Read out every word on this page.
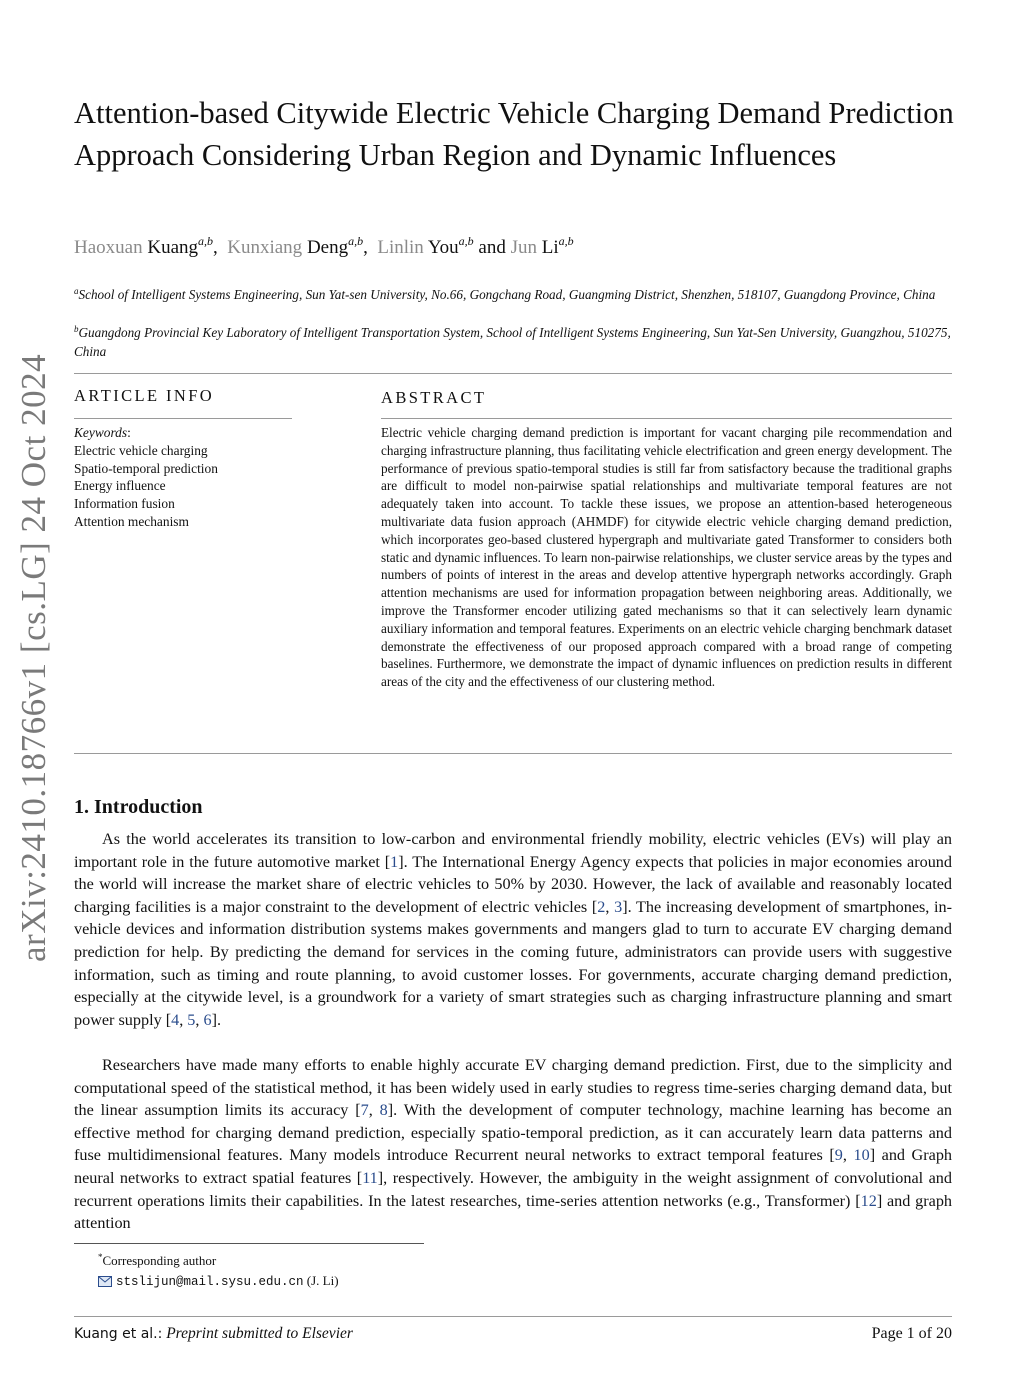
arXiv:2410.18766v1 [cs.LG] 24 Oct 2024
Attention-based Citywide Electric Vehicle Charging Demand Prediction Approach Considering Urban Region and Dynamic Influences
Haoxuan Kuang$^{a,b}$,  Kunxiang Deng$^{a,b}$,  Linlin You$^{a,b}$ and Jun Li$^{a,b}$
$^a$School of Intelligent Systems Engineering, Sun Yat-sen University, No.66, Gongchang Road, Guangming District, Shenzhen, 518107, Guangdong Province, China
$^b$Guangdong Provincial Key Laboratory of Intelligent Transportation System, School of Intelligent Systems Engineering, Sun Yat-Sen University, Guangzhou, 510275, China
ARTICLE INFO
Keywords:
Electric vehicle charging
Spatio-temporal prediction
Energy influence
Information fusion
Attention mechanism
ABSTRACT

Electric vehicle charging demand prediction is important for vacant charging pile recommendation and charging infrastructure planning, thus facilitating vehicle electrification and green energy development. The performance of previous spatio-temporal studies is still far from satisfactory because the traditional graphs are difficult to model non-pairwise spatial relationships and multivariate temporal features are not adequately taken into account. To tackle these issues, we propose an attention-based heterogeneous multivariate data fusion approach (AHMDF) for citywide electric vehicle charging demand prediction, which incorporates geo-based clustered hypergraph and multivariate gated Transformer to considers both static and dynamic influences. To learn non-pairwise relationships, we cluster service areas by the types and numbers of points of interest in the areas and develop attentive hypergraph networks accordingly. Graph attention mechanisms are used for information propagation between neighboring areas. Additionally, we improve the Transformer encoder utilizing gated mechanisms so that it can selectively learn dynamic auxiliary information and temporal features. Experiments on an electric vehicle charging benchmark dataset demonstrate the effectiveness of our proposed approach compared with a broad range of competing baselines. Furthermore, we demonstrate the impact of dynamic influences on prediction results in different areas of the city and the effectiveness of our clustering method.

1. Introduction

As the world accelerates its transition to low-carbon and environmental friendly mobility, electric vehicles (EVs) will play an important role in the future automotive market [1]. The International Energy Agency expects that policies in major economies around the world will increase the market share of electric vehicles to 50% by 2030. However, the lack of available and reasonably located charging facilities is a major constraint to the development of electric vehicles [2, 3]. The increasing development of smartphones, in-vehicle devices and information distribution systems makes governments and mangers glad to turn to accurate EV charging demand prediction for help. By predicting the demand for services in the coming future, administrators can provide users with suggestive information, such as timing and route planning, to avoid customer losses. For governments, accurate charging demand prediction, especially at the citywide level, is a groundwork for a variety of smart strategies such as charging infrastructure planning and smart power supply [4, 5, 6].

Researchers have made many efforts to enable highly accurate EV charging demand prediction. First, due to the simplicity and computational speed of the statistical method, it has been widely used in early studies to regress time-series charging demand data, but the linear assumption limits its accuracy [7, 8]. With the development of computer technology, machine learning has become an effective method for charging demand prediction, especially spatio-temporal prediction, as it can accurately learn data patterns and fuse multidimensional features. Many models introduce Recurrent neural networks to extract temporal features [9, 10] and Graph neural networks to extract spatial features [11], respectively. However, the ambiguity in the weight assignment of convolutional and recurrent operations limits their capabilities. In the latest researches, time-series attention networks (e.g., Transformer) [12] and graph attention

*Corresponding author
stslijun@mail.sysu.edu.cn (J. Li)
Kuang et al.: Preprint submitted to Elsevier	Page 1 of 20
